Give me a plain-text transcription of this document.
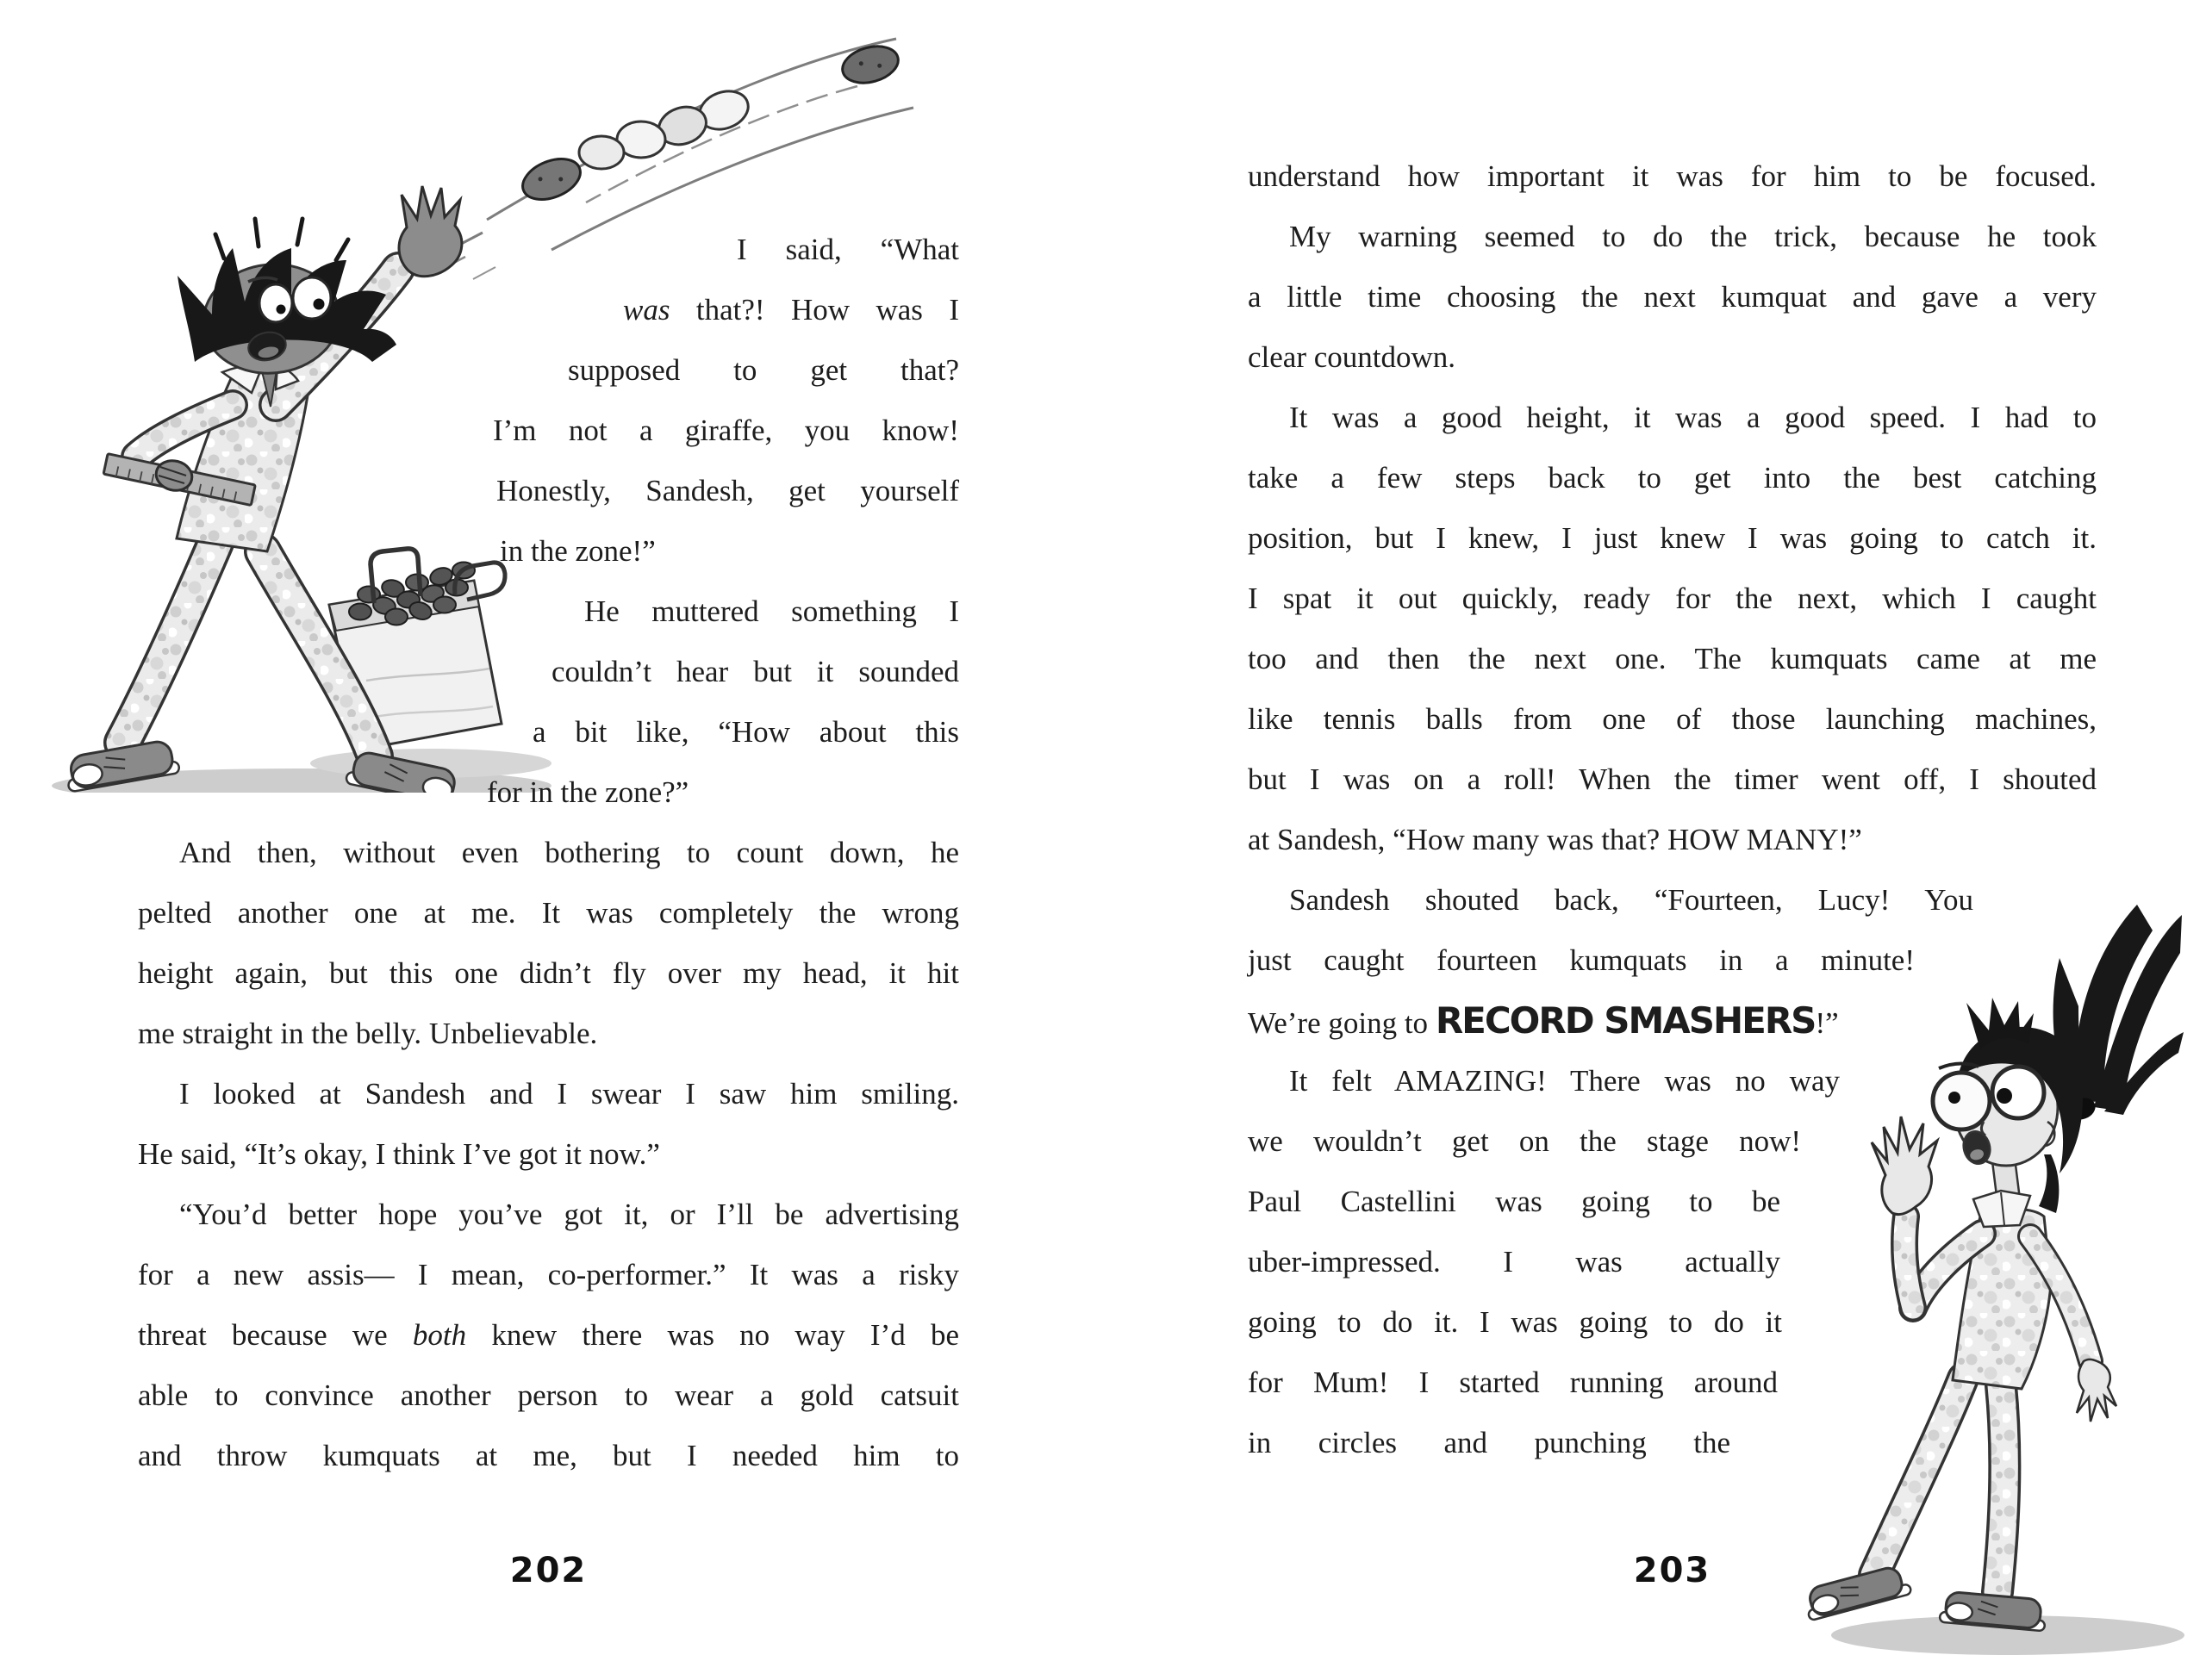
I said, “What
was that?! How was I
supposed to get that?
I’m not a giraffe, you know!
Honestly, Sandesh, get yourself
in the zone!”
He muttered something I
couldn’t hear but it sounded
a bit like, “How about this
for in the zone?”
And then, without even bothering to count down, he
pelted another one at me. It was completely the wrong
height again, but this one didn’t fly over my head, it hit
me straight in the belly. Unbelievable.
I looked at Sandesh and I swear I saw him smiling.
He said, “It’s okay, I think I’ve got it now.”
“You’d better hope you’ve got it, or I’ll be advertising
for a new assis— I mean, co-performer.” It was a risky
threat because we both knew there was no way I’d be
able to convince another person to wear a gold catsuit
and throw kumquats at me, but I needed him to
202
understand how important it was for him to be focused.
My warning seemed to do the trick, because he took
a little time choosing the next kumquat and gave a very
clear countdown.
It was a good height, it was a good speed. I had to
take a few steps back to get into the best catching
position, but I knew, I just knew I was going to catch it.
I spat it out quickly, ready for the next, which I caught
too and then the next one. The kumquats came at me
like tennis balls from one of those launching machines,
but I was on a roll! When the timer went off, I shouted
at Sandesh, “How many was that? HOW MANY!”
Sandesh shouted back, “Fourteen, Lucy! You
just caught fourteen kumquats in a minute!
We’re going to RECORD SMASHERS!”
It felt AMAZING! There was no way
we wouldn’t get on the stage now!
Paul Castellini was going to be
uber-impressed. I was actually
going to do it. I was going to do it
for Mum! I started running around
in circles and punching the
203
